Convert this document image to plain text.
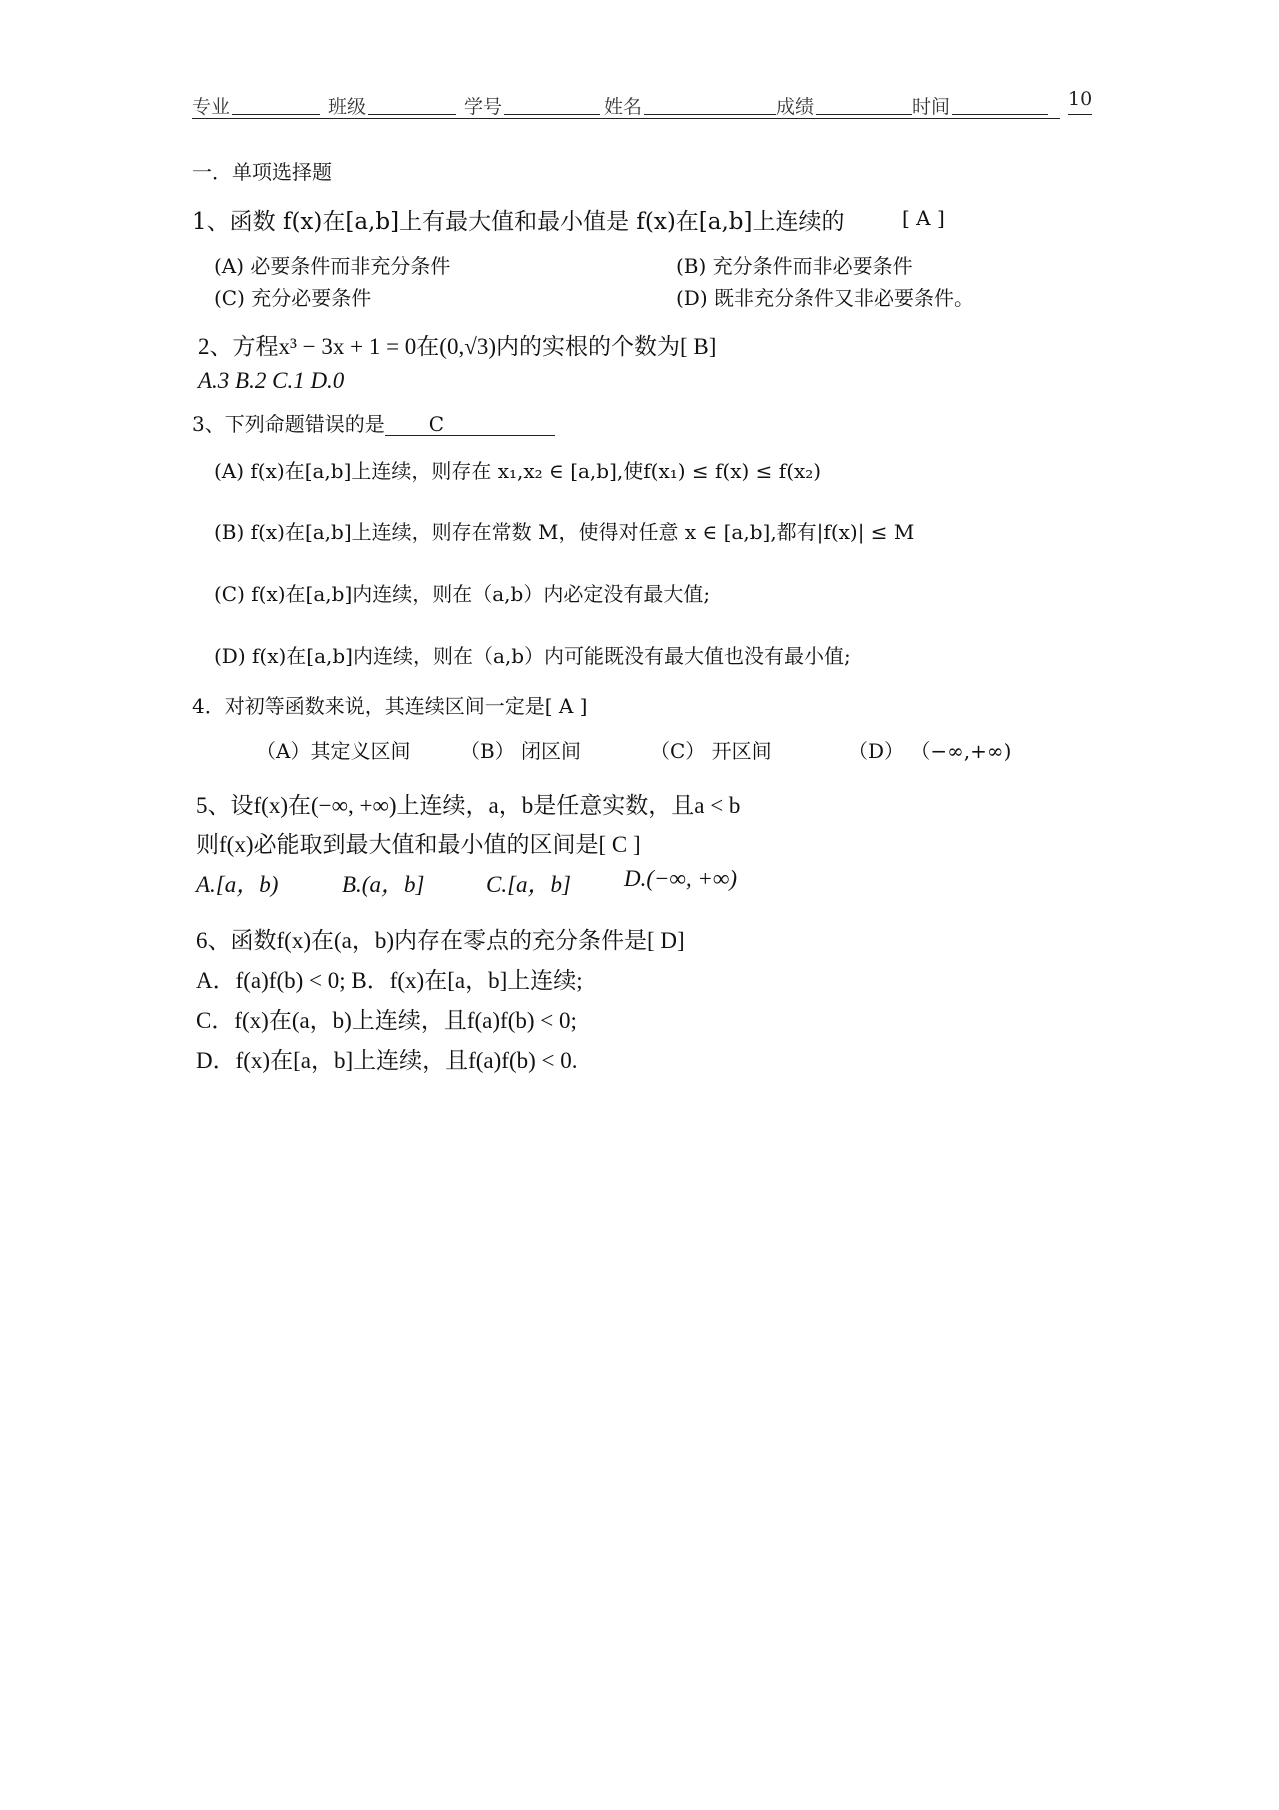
专业	班级	学号	姓名	成绩	时间	10
一．单项选择题
1、函数 f(x)在[a,b]上有最大值和最小值是 f(x)在[a,b]上连续的	[ A ]
(A) 必要条件而非充分条件	(B) 充分条件而非必要条件
(C) 充分必要条件	(D) 既非充分条件又非必要条件。
2、方程x³ − 3x + 1 = 0在(0,√3)内的实根的个数为[ B]
A.3 B.2 C.1 D.0
3、下列命题错误的是 C
(A) f(x)在[a,b]上连续，则存在 x₁,x₂ ∈ [a,b],使f(x₁) ≤ f(x) ≤ f(x₂)
(B) f(x)在[a,b]上连续，则存在常数 M，使得对任意 x ∈ [a,b],都有|f(x)| ≤ M
(C) f(x)在[a,b]内连续，则在（a,b）内必定没有最大值;
(D) f(x)在[a,b]内连续，则在（a,b）内可能既没有最大值也没有最小值;
4．对初等函数来说，其连续区间一定是[ A ]
（A）其定义区间 （B） 闭区间	（C） 开区间	（D） （−∞,+∞)
5、设f(x)在(−∞, +∞)上连续，a，b是任意实数，且a < b
则f(x)必能取到最大值和最小值的区间是[ C ]
A.[a，b)	B.(a，b]	C.[a，b] D.(−∞, +∞)
6、函数f(x)在(a，b)内存在零点的充分条件是[ D]
A．f(a)f(b) < 0; B．f(x)在[a，b]上连续;
C．f(x)在(a，b)上连续，且f(a)f(b) < 0;
D．f(x)在[a，b]上连续，且f(a)f(b) < 0.
